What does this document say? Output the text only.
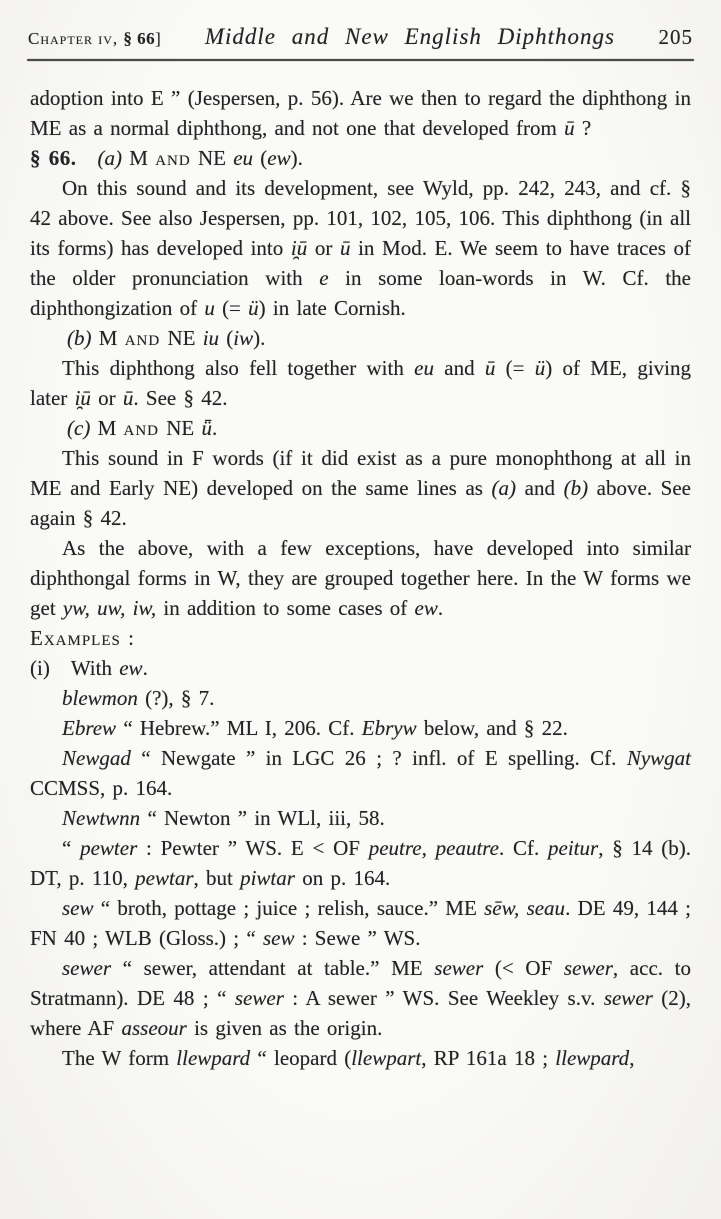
Chapter iv, § 66]	Middle and New English Diphthongs	205

adoption into E ” (Jespersen, p. 56). Are we then to regard the diphthong in ME as a normal diphthong, and not one that developed from ū ?

§ 66.  (a) M and NE eu (ew).

On this sound and its development, see Wyld, pp. 242, 243, and cf. § 42 above. See also Jespersen, pp. 101, 102, 105, 106. This diphthong (in all its forms) has developed into i̯ū or ū in Mod. E. We seem to have traces of the older pronunciation with e in some loan-words in W. Cf. the diphthongization of u (= ü) in late Cornish.

(b) M and NE iu (iw).

This diphthong also fell together with eu and ū (= ü) of ME, giving later i̯ū or ū. See § 42.

(c) M and NE ǖ.

This sound in F words (if it did exist as a pure monophthong at all in ME and Early NE) developed on the same lines as (a) and (b) above. See again § 42.

As the above, with a few exceptions, have developed into similar diphthongal forms in W, they are grouped together here. In the W forms we get yw, uw, iw, in addition to some cases of ew.

Examples :

(i) With ew.

blewmon (?), § 7.

Ebrew “ Hebrew.” ML I, 206. Cf. Ebryw below, and § 22.

Newgad “ Newgate ” in LGC 26 ; ? infl. of E spelling. Cf. Nywgat CCMSS, p. 164.

Newtwnn “ Newton ” in WLl, iii, 58.

“ pewter : Pewter ” WS. E < OF peutre, peautre. Cf. peitur, § 14 (b). DT, p. 110, pewtar, but piwtar on p. 164.

sew “ broth, pottage ; juice ; relish, sauce.” ME sēw, seau. DE 49, 144 ; FN 40 ; WLB (Gloss.) ; “ sew : Sewe ” WS.

sewer “ sewer, attendant at table.” ME sewer (< OF sewer, acc. to Stratmann). DE 48 ; “ sewer : A sewer ” WS. See Weekley s.v. sewer (2), where AF asseour is given as the origin.

The W form llewpard “ leopard (llewpart, RP 161a 18 ; llewpard,
